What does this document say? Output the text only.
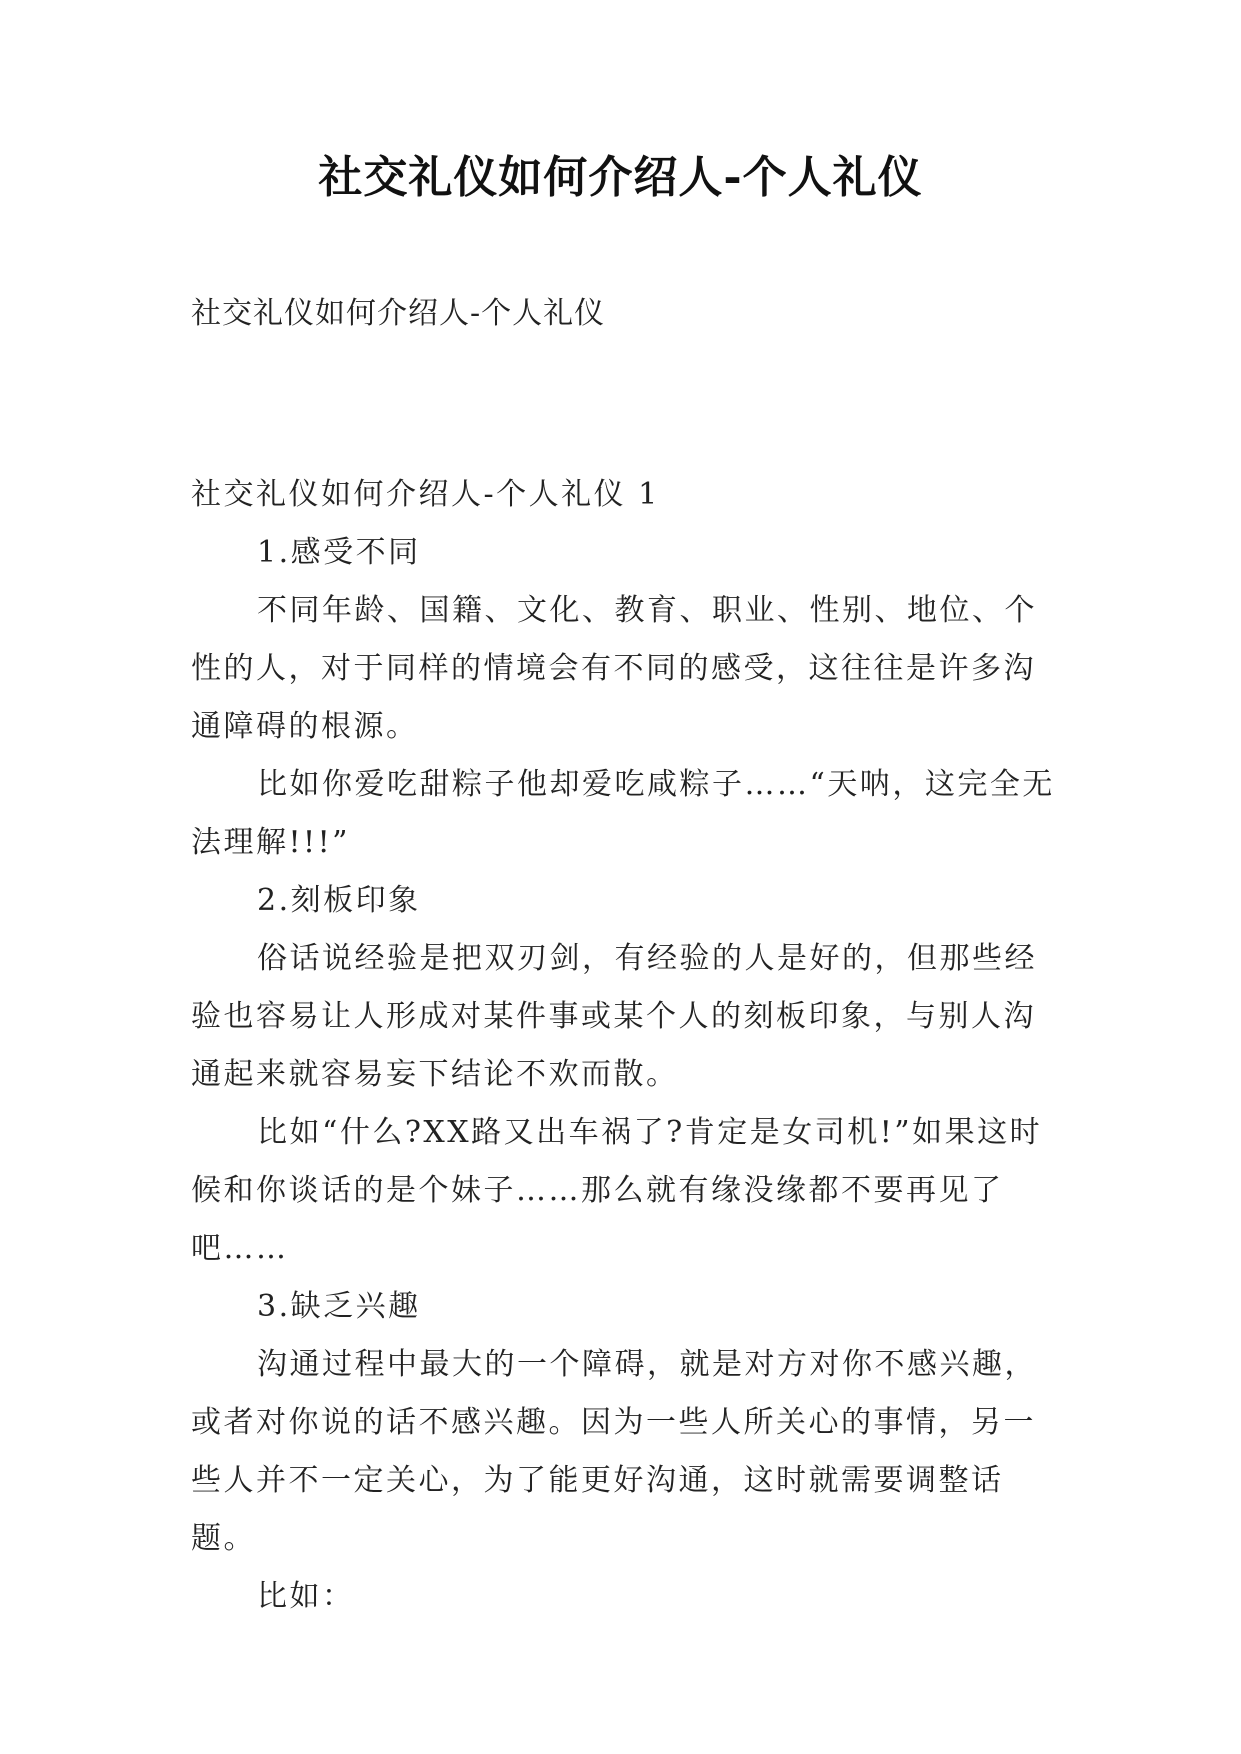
社交礼仪如何介绍人-个人礼仪
社交礼仪如何介绍人-个人礼仪

社交礼仪如何介绍人-个人礼仪 1

1.感受不同

不同年龄、国籍、文化、教育、职业、性别、地位、个性的人，对于同样的情境会有不同的感受，这往往是许多沟通障碍的根源。

比如你爱吃甜粽子他却爱吃咸粽子……“天呐，这完全无法理解!!!”

2.刻板印象

俗话说经验是把双刃剑，有经验的人是好的，但那些经验也容易让人形成对某件事或某个人的刻板印象，与别人沟通起来就容易妄下结论不欢而散。

比如“什么?XX路又出车祸了?肯定是女司机!”如果这时候和你谈话的是个妹子……那么就有缘没缘都不要再见了吧……

3.缺乏兴趣

沟通过程中最大的一个障碍，就是对方对你不感兴趣，或者对你说的话不感兴趣。因为一些人所关心的事情，另一些人并不一定关心，为了能更好沟通，这时就需要调整话题。

比如：
